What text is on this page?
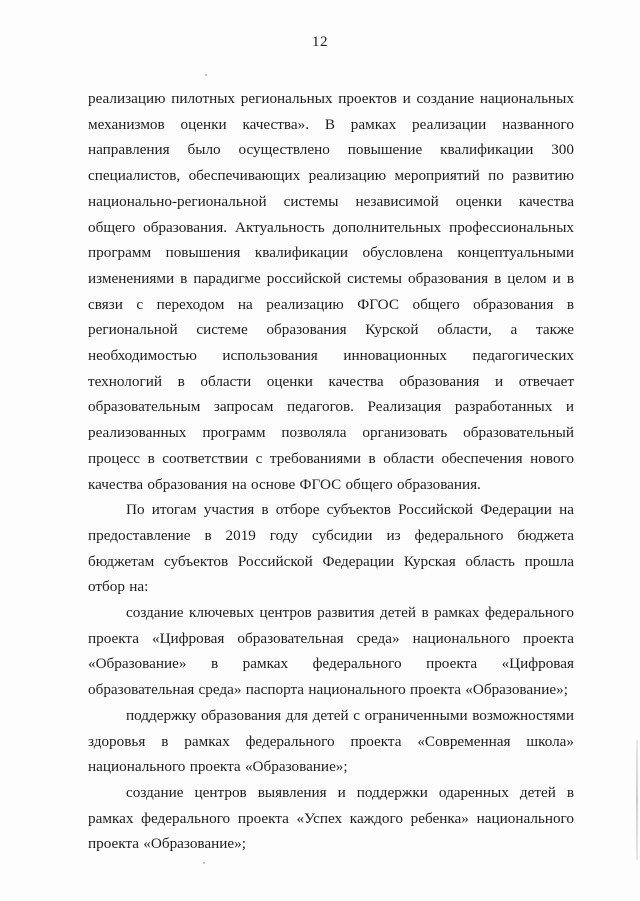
12

реализацию пилотных региональных проектов и создание национальных механизмов оценки качества». В рамках реализации названного направления было осуществлено повышение квалификации 300 специалистов, обеспечивающих реализацию мероприятий по развитию национально-региональной системы независимой оценки качества общего образования. Актуальность дополнительных профессиональных программ повышения квалификации обусловлена концептуальными изменениями в парадигме российской системы образования в целом и в связи с переходом на реализацию ФГОС общего образования в региональной системе образования Курской области, а также необходимостью использования инновационных педагогических технологий в области оценки качества образования и отвечает образовательным запросам педагогов. Реализация разработанных и реализованных программ позволяла организовать образовательный процесс в соответствии с требованиями в области обеспечения нового качества образования на основе ФГОС общего образования.

По итогам участия в отборе субъектов Российской Федерации на предоставление в 2019 году субсидии из федерального бюджета бюджетам субъектов Российской Федерации Курская область прошла отбор на:

создание ключевых центров развития детей в рамках федерального проекта «Цифровая образовательная среда» национального проекта «Образование» в рамках федерального проекта «Цифровая образовательная среда» паспорта национального проекта «Образование»;

поддержку образования для детей с ограниченными возможностями здоровья в рамках федерального проекта «Современная школа» национального проекта «Образование»;

создание центров выявления и поддержки одаренных детей в рамках федерального проекта «Успех каждого ребенка» национального проекта «Образование»;
